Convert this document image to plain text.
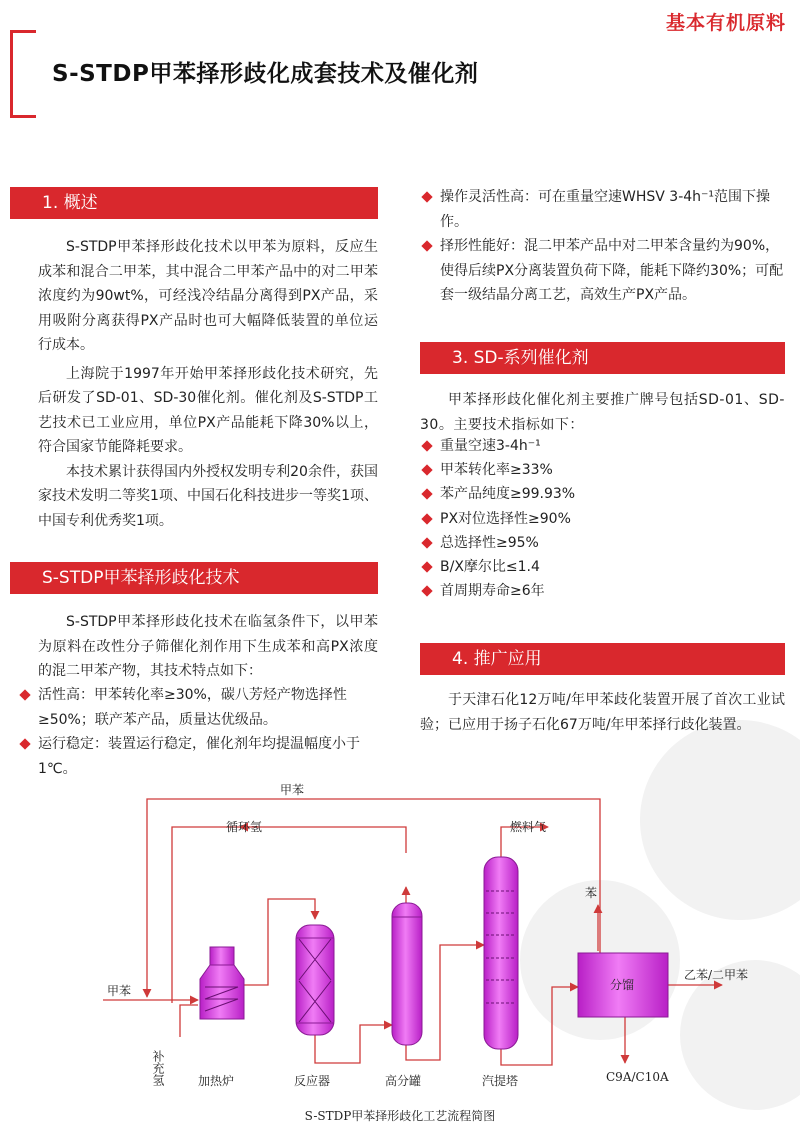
基本有机原料
S-STDP甲苯择形歧化成套技术及催化剂
1. 概述

S-STDP甲苯择形歧化技术以甲苯为原料，反应生成苯和混合二甲苯，其中混合二甲苯产品中的对二甲苯浓度约为90wt%，可经浅冷结晶分离得到PX产品，采用吸附分离获得PX产品时也可大幅降低装置的单位运行成本。

上海院于1997年开始甲苯择形歧化技术研究，先后研发了SD-01、SD-30催化剂。催化剂及S-STDP工艺技术已工业应用，单位PX产品能耗下降30%以上，符合国家节能降耗要求。

本技术累计获得国内外授权发明专利20余件，获国家技术发明二等奖1项、中国石化科技进步一等奖1项、中国专利优秀奖1项。

S-STDP甲苯择形歧化技术

S-STDP甲苯择形歧化技术在临氢条件下，以甲苯为原料在改性分子筛催化剂作用下生成苯和高PX浓度的混二甲苯产物，其技术特点如下：

活性高：甲苯转化率≥30%，碳八芳烃产物选择性≥50%；联产苯产品，质量达优级品。
运行稳定：装置运行稳定，催化剂年均提温幅度小于1℃。
操作灵活性高：可在重量空速WHSV 3-4h⁻¹范围下操作。
择形性能好：混二甲苯产品中对二甲苯含量约为90%，使得后续PX分离装置负荷下降，能耗下降约30%；可配套一级结晶分离工艺，高效生产PX产品。
3. SD-系列催化剂

甲苯择形歧化催化剂主要推广牌号包括SD-01、SD-30。主要技术指标如下：

重量空速3-4h⁻¹
甲苯转化率≥33%
苯产品纯度≥99.93%
PX对位选择性≥90%
总选择性≥95%
B/X摩尔比≤1.4
首周期寿命≥6年
4. 推广应用

于天津石化12万吨/年甲苯歧化装置开展了首次工业试验；已应用于扬子石化67万吨/年甲苯择行歧化装置。

甲苯
循环氢	燃料气
甲苯
苯
分馏
乙苯/二甲苯
C9A/C10A
加热炉	反应器	高分罐	汽提塔
补充氢
S-STDP甲苯择形歧化工艺流程简图
